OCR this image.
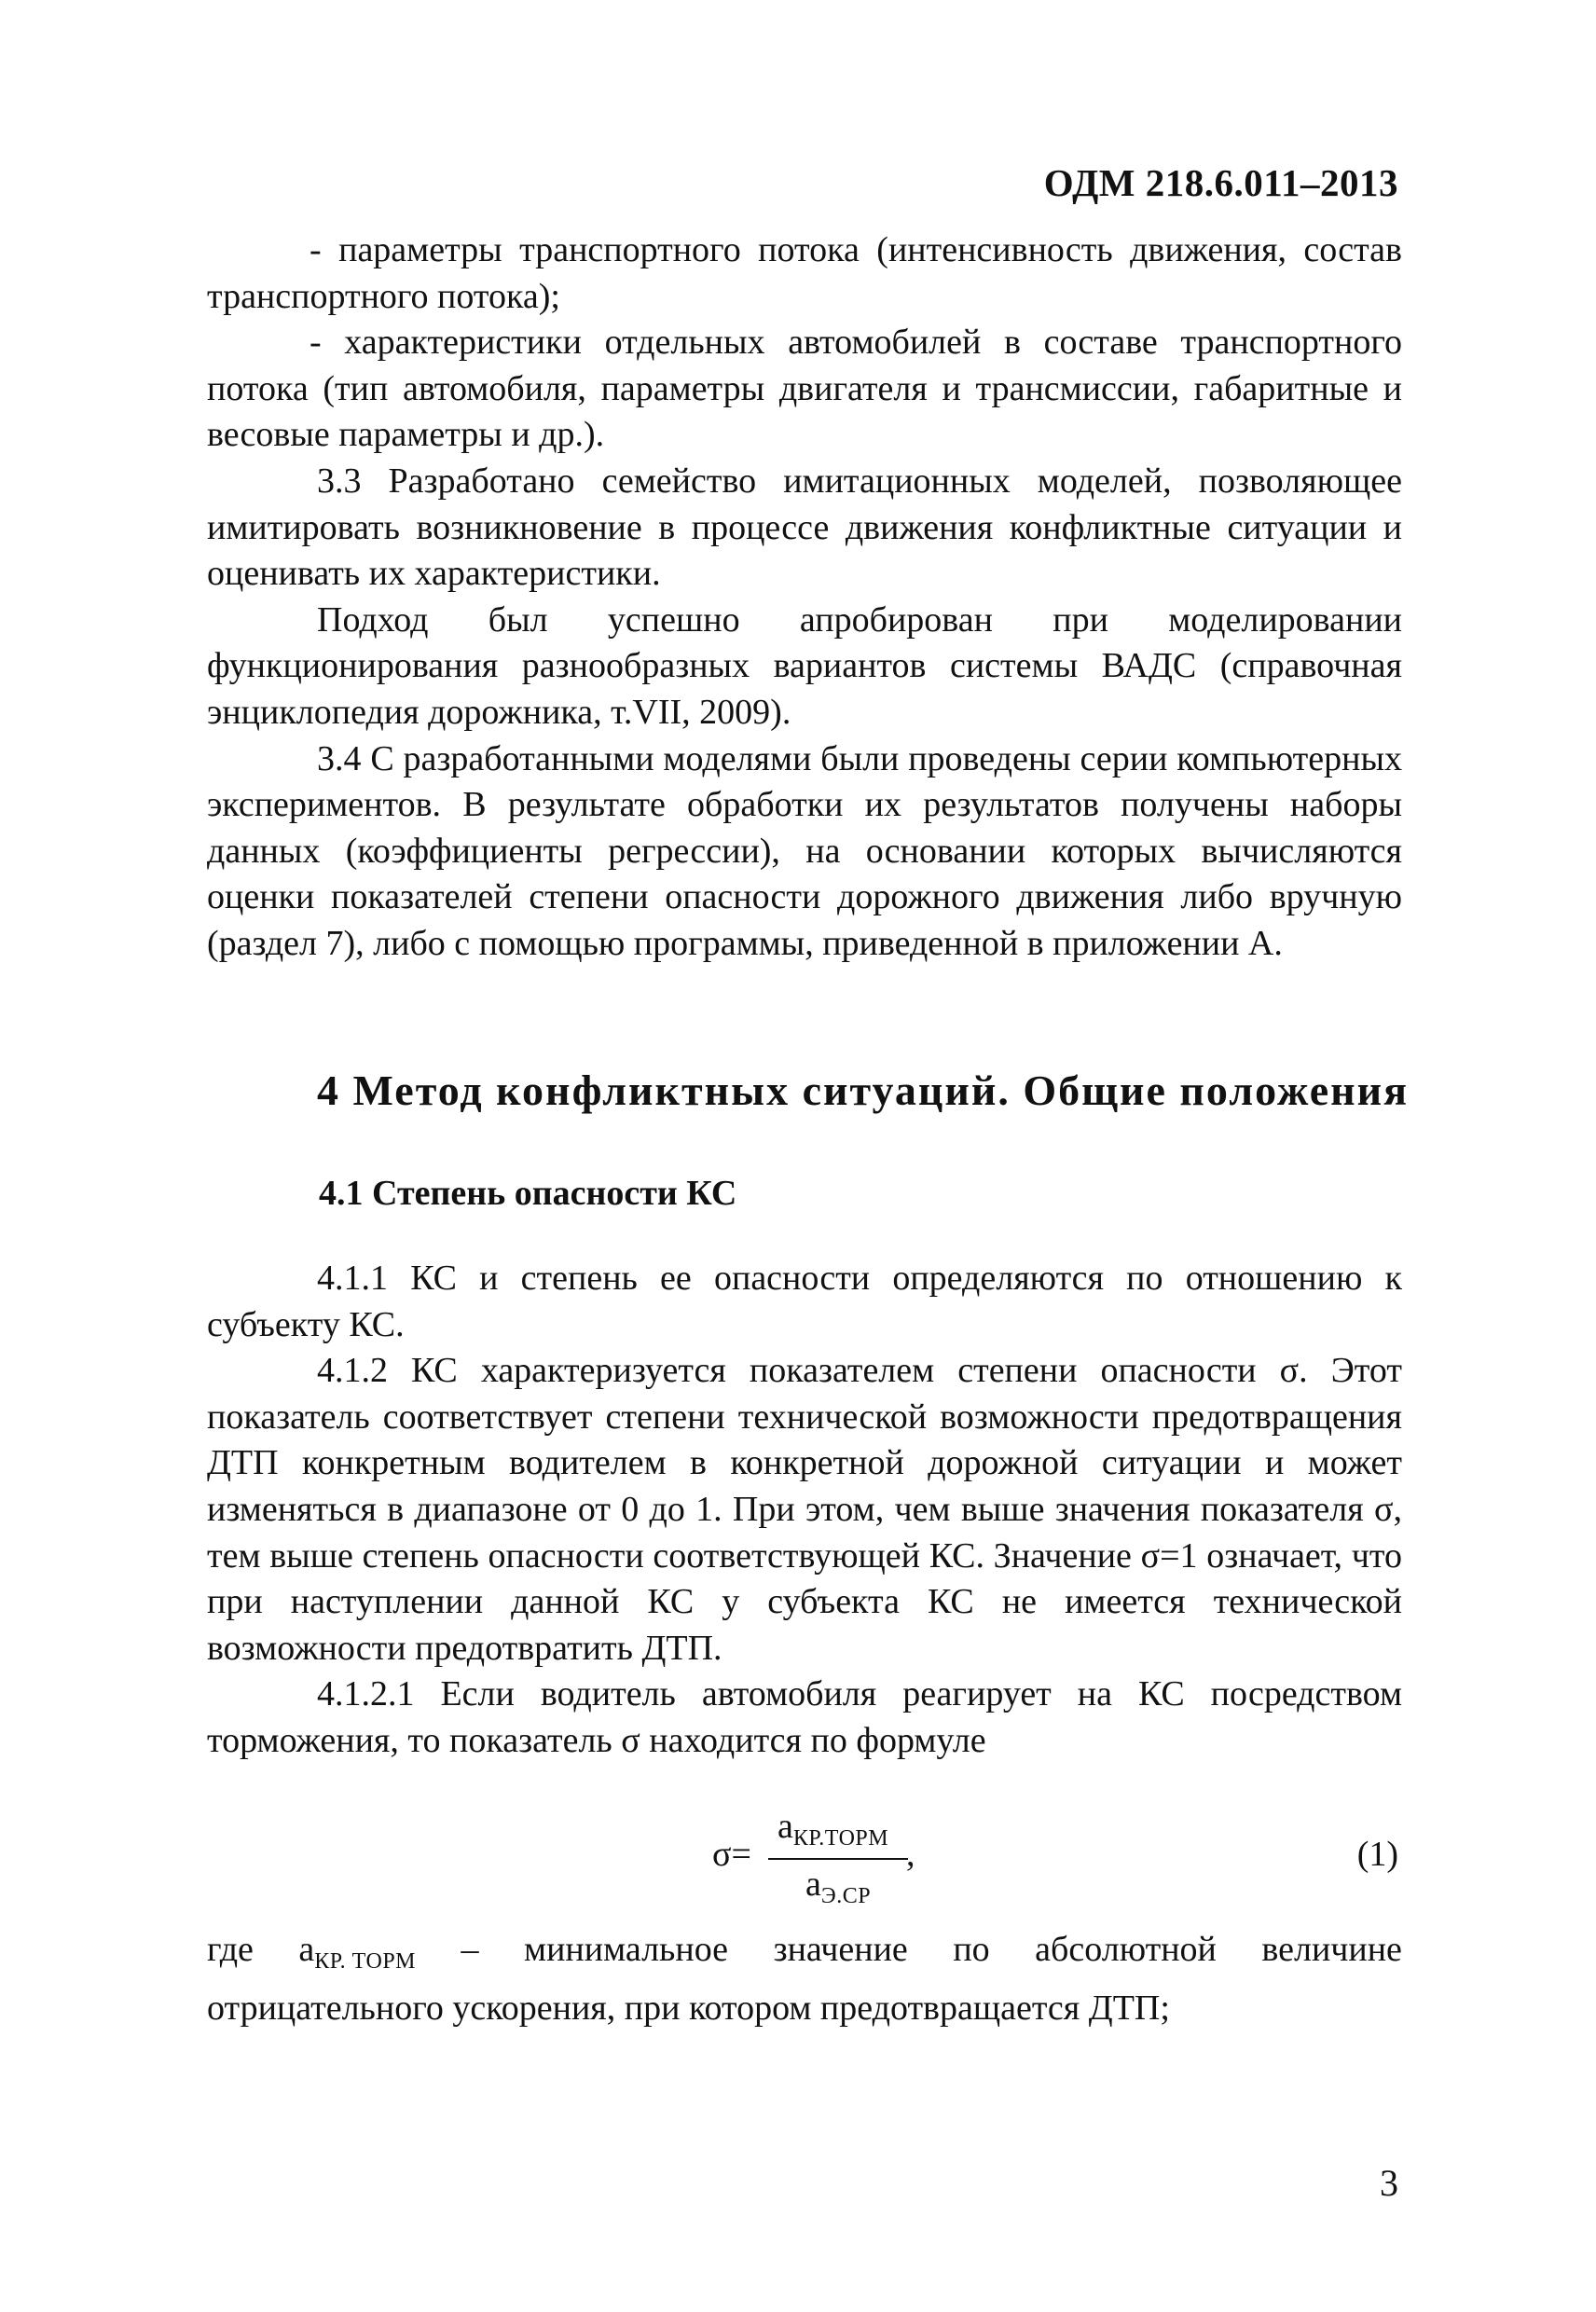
ОДМ 218.6.011–2013

- параметры транспортного потока (интенсивность движения, состав транспортного потока);

- характеристики отдельных автомобилей в составе транспортного потока (тип автомобиля, параметры двигателя и трансмиссии, габаритные и весовые параметры и др.).

3.3 Разработано семейство имитационных моделей, позволяющее имитировать возникновение в процессе движения конфликтные ситуации и оценивать их характеристики.

Подход был успешно апробирован при моделировании функционирования разнообразных вариантов системы ВАДС (справочная энциклопедия дорожника, т.VII, 2009).

3.4 С разработанными моделями были проведены серии компьютерных экспериментов. В результате обработки их результатов получены наборы данных (коэффициенты регрессии), на основании которых вычисляются оценки показателей степени опасности дорожного движения либо вручную (раздел 7), либо с помощью программы, приведенной в приложении А.

4 Метод конфликтных ситуаций. Общие положения
4.1 Степень опасности КС

4.1.1 КС и степень ее опасности определяются по отношению к субъекту КС.

4.1.2 КС характеризуется показателем степени опасности σ. Этот показатель соответствует степени технической возможности предотвращения ДТП конкретным водителем в конкретной дорожной ситуации и может изменяться в диапазоне от 0 до 1. При этом, чем выше значения показателя σ, тем выше степень опасности соответствующей КС. Значение σ=1 означает, что при наступлении данной КС у субъекта КС не имеется технической возможности предотвратить ДТП.

4.1.2.1 Если водитель автомобиля реагирует на КС посредством торможения, то показатель σ находится по формуле

σ=
$а_{КР.ТОРМ}$
$а_{Э.СР}$
,	(1)
где $а_{КР. ТОРМ}$ – минимальное значение по абсолютной величине
отрицательного ускорения, при котором предотвращается ДТП;
3
